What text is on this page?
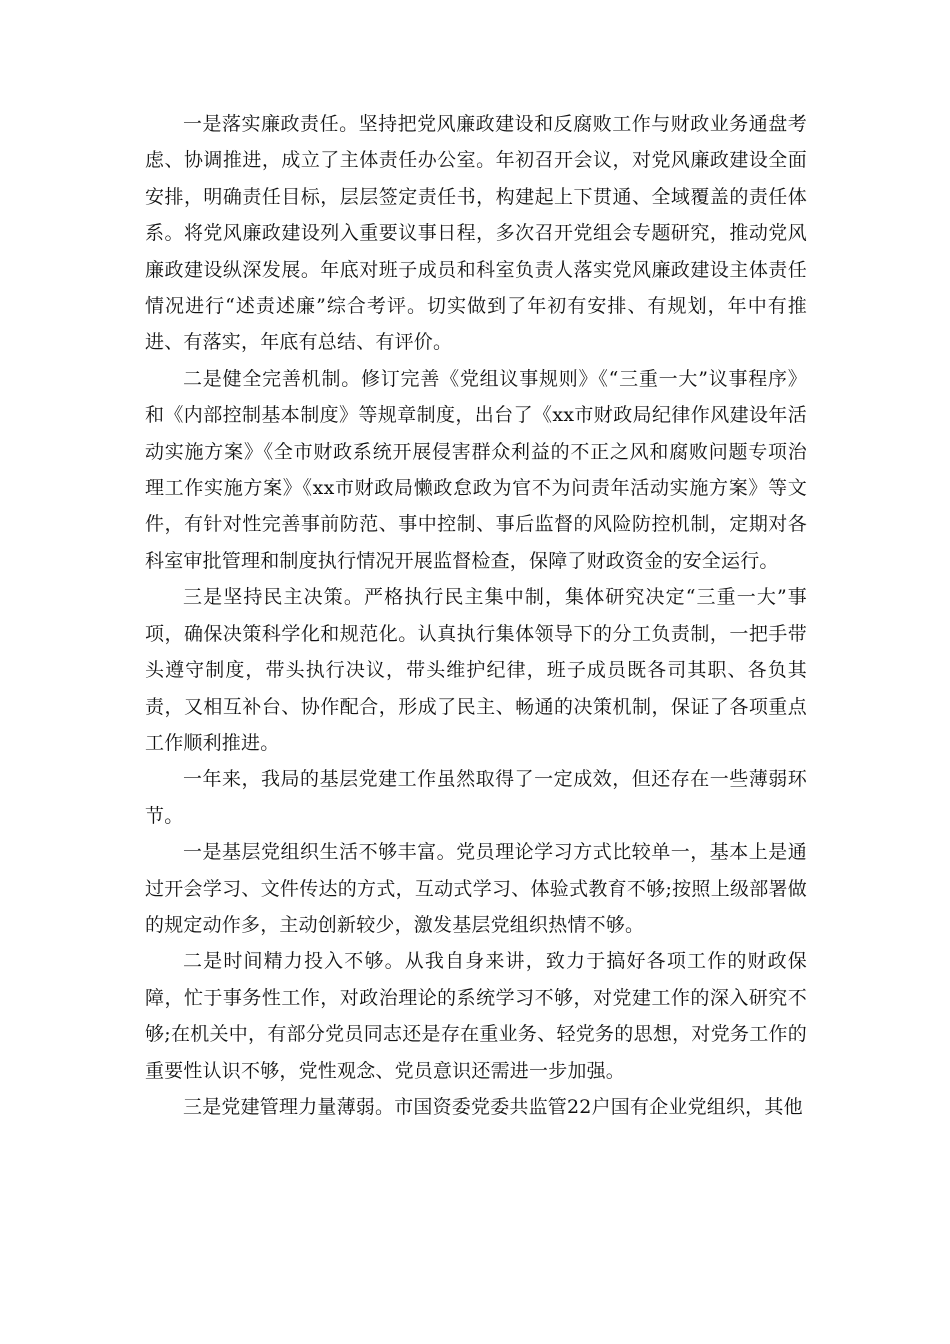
一是落实廉政责任。坚持把党风廉政建设和反腐败工作与财政业务通盘考虑、协调推进，成立了主体责任办公室。年初召开会议，对党风廉政建设全面安排，明确责任目标，层层签定责任书，构建起上下贯通、全域覆盖的责任体系。将党风廉政建设列入重要议事日程，多次召开党组会专题研究，推动党风廉政建设纵深发展。年底对班子成员和科室负责人落实党风廉政建设主体责任情况进行“述责述廉”综合考评。切实做到了年初有安排、有规划，年中有推进、有落实，年底有总结、有评价。

二是健全完善机制。修订完善《党组议事规则》《“三重一大”议事程序》和《内部控制基本制度》等规章制度，出台了《xx市财政局纪律作风建设年活动实施方案》《全市财政系统开展侵害群众利益的不正之风和腐败问题专项治理工作实施方案》《xx市财政局懒政怠政为官不为问责年活动实施方案》等文件，有针对性完善事前防范、事中控制、事后监督的风险防控机制，定期对各科室审批管理和制度执行情况开展监督检查，保障了财政资金的安全运行。

三是坚持民主决策。严格执行民主集中制，集体研究决定“三重一大”事项，确保决策科学化和规范化。认真执行集体领导下的分工负责制，一把手带头遵守制度，带头执行决议，带头维护纪律，班子成员既各司其职、各负其责，又相互补台、协作配合，形成了民主、畅通的决策机制，保证了各项重点工作顺利推进。

一年来，我局的基层党建工作虽然取得了一定成效，但还存在一些薄弱环节。

一是基层党组织生活不够丰富。党员理论学习方式比较单一，基本上是通过开会学习、文件传达的方式，互动式学习、体验式教育不够;按照上级部署做的规定动作多，主动创新较少，激发基层党组织热情不够。

二是时间精力投入不够。从我自身来讲，致力于搞好各项工作的财政保障，忙于事务性工作，对政治理论的系统学习不够，对党建工作的深入研究不够;在机关中，有部分党员同志还是存在重业务、轻党务的思想，对党务工作的重要性认识不够，党性观念、党员意识还需进一步加强。

三是党建管理力量薄弱。市国资委党委共监管22户国有企业党组织，其他
